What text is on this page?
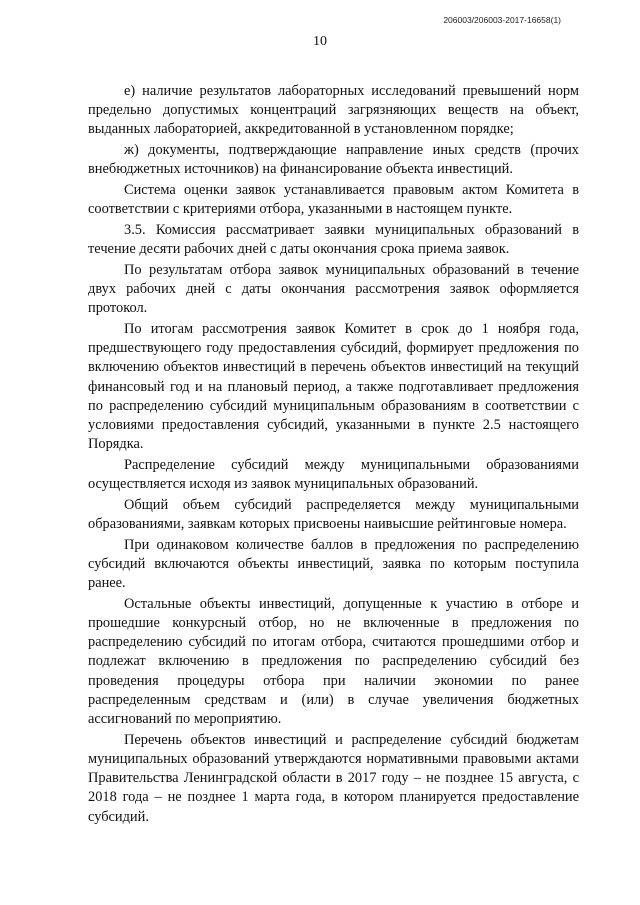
206003/206003-2017-16658(1)
10

е) наличие результатов лабораторных исследований превышений норм предельно допустимых концентраций загрязняющих веществ на объект, выданных лабораторией, аккредитованной в установленном порядке;

ж) документы, подтверждающие направление иных средств (прочих внебюджетных источников) на финансирование объекта инвестиций.

Система оценки заявок устанавливается правовым актом Комитета в соответствии с критериями отбора, указанными в настоящем пункте.

3.5. Комиссия рассматривает заявки муниципальных образований в течение десяти рабочих дней с даты окончания срока приема заявок.

По результатам отбора заявок муниципальных образований в течение двух рабочих дней с даты окончания рассмотрения заявок оформляется протокол.

По итогам рассмотрения заявок Комитет в срок до 1 ноября года, предшествующего году предоставления субсидий, формирует предложения по включению объектов инвестиций в перечень объектов инвестиций на текущий финансовый год и на плановый период, а также подготавливает предложения по распределению субсидий муниципальным образованиям в соответствии с условиями предоставления субсидий, указанными в пункте 2.5 настоящего Порядка.

Распределение субсидий между муниципальными образованиями осуществляется исходя из заявок муниципальных образований.

Общий объем субсидий распределяется между муниципальными образованиями, заявкам которых присвоены наивысшие рейтинговые номера.

При одинаковом количестве баллов в предложения по распределению субсидий включаются объекты инвестиций, заявка по которым поступила ранее.

Остальные объекты инвестиций, допущенные к участию в отборе и прошедшие конкурсный отбор, но не включенные в предложения по распределению субсидий по итогам отбора, считаются прошедшими отбор и подлежат включению в предложения по распределению субсидий без проведения процедуры отбора при наличии экономии по ранее распределенным средствам и (или) в случае увеличения бюджетных ассигнований по мероприятию.

Перечень объектов инвестиций и распределение субсидий бюджетам муниципальных образований утверждаются нормативными правовыми актами Правительства Ленинградской области в 2017 году – не позднее 15 августа, с 2018 года – не позднее 1 марта года, в котором планируется предоставление субсидий.
